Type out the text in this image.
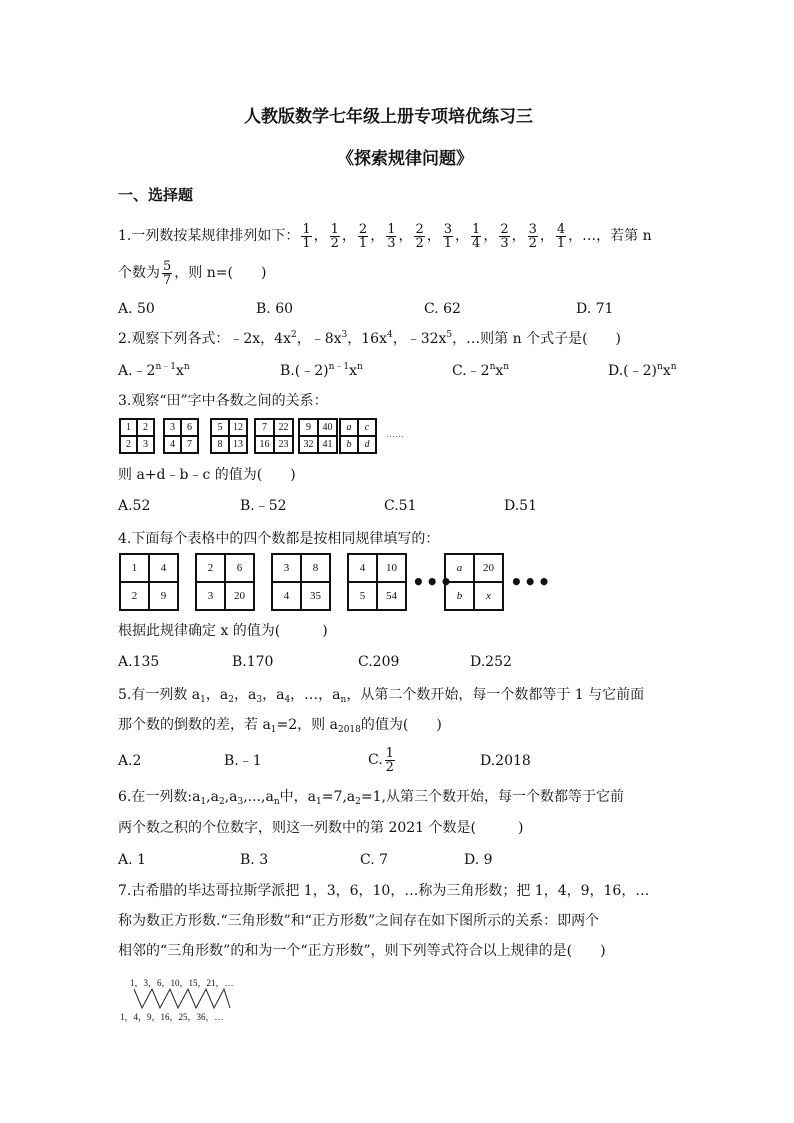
人教版数学七年级上册专项培优练习三
《探索规律问题》
一、选择题
1.一列数按某规律排列如下： $\frac{1}{1}$ ， $\frac{1}{2}$ ， $\frac{2}{1}$ ， $\frac{1}{3}$ ， $\frac{2}{2}$ ， $\frac{3}{1}$ ， $\frac{1}{4}$ ， $\frac{2}{3}$ ， $\frac{3}{2}$ ， $\frac{4}{1}$ ，…，若第 n
个数为 $\frac{5}{7}$ ，则 n=(　　)
A. 50	B. 60	C. 62	D. 71
2.观察下列各式：﹣2x，$4x^2$，$﹣8x^3$，$16x^4$，$﹣32x^5$，…则第 n 个式子是(　　)
$A.﹣2^{n﹣1}x^n$	$B.(﹣2)^{n﹣1}x^n$	$C.﹣2^nx^n$	$D.(﹣2)^nx^n$
3.观察“田”字中各数之间的关系：
1	2
2	3
3	6
4	7
5	12
8	13
7	22
16 23
9	40
32 41
a	c
b	d
……
则 a+d﹣b﹣c 的值为(　　)
A.52	B.﹣52	C.51	D.51
4.下面每个表格中的四个数都是按相同规律填写的：
1	4
2	9
2	6
3	20
3	8
4	35
4	10
5	54
a	20
b	x
•••	•••
根据此规律确定 x 的值为(　　　)
A.135	B.170	C.209	D.252
5.有一列数 $a_1$，$a_2$，$a_3$，$a_4$，…，$a_n$，从第二个数开始，每一个数都等于 1 与它前面
那个数的倒数的差，若 $a_1=2$，则 $a_{2018}$的值为(　　)
A.2	B.﹣1	C. $\frac{1}{2}$	D.2018
6.在一列数$:a_1,a_2,a_3,...,a_n$中，$a_1=7,a_2=1$,从第三个数开始，每一个数都等于它前
两个数之积的个位数字，则这一列数中的第 2021 个数是(　　　)
A. 1	B. 3	C. 7	D. 9
7.古希腊的毕达哥拉斯学派把 1，3，6，10，…称为三角形数；把 1，4，9，16，…
称为数正方形数.“三角形数”和“正方形数”之间存在如下图所示的关系：即两个
相邻的“三角形数”的和为一个“正方形数”，则下列等式符合以上规律的是(　　)
1，3，6，10，15，21，…
1，4，9，16，25，36，…
